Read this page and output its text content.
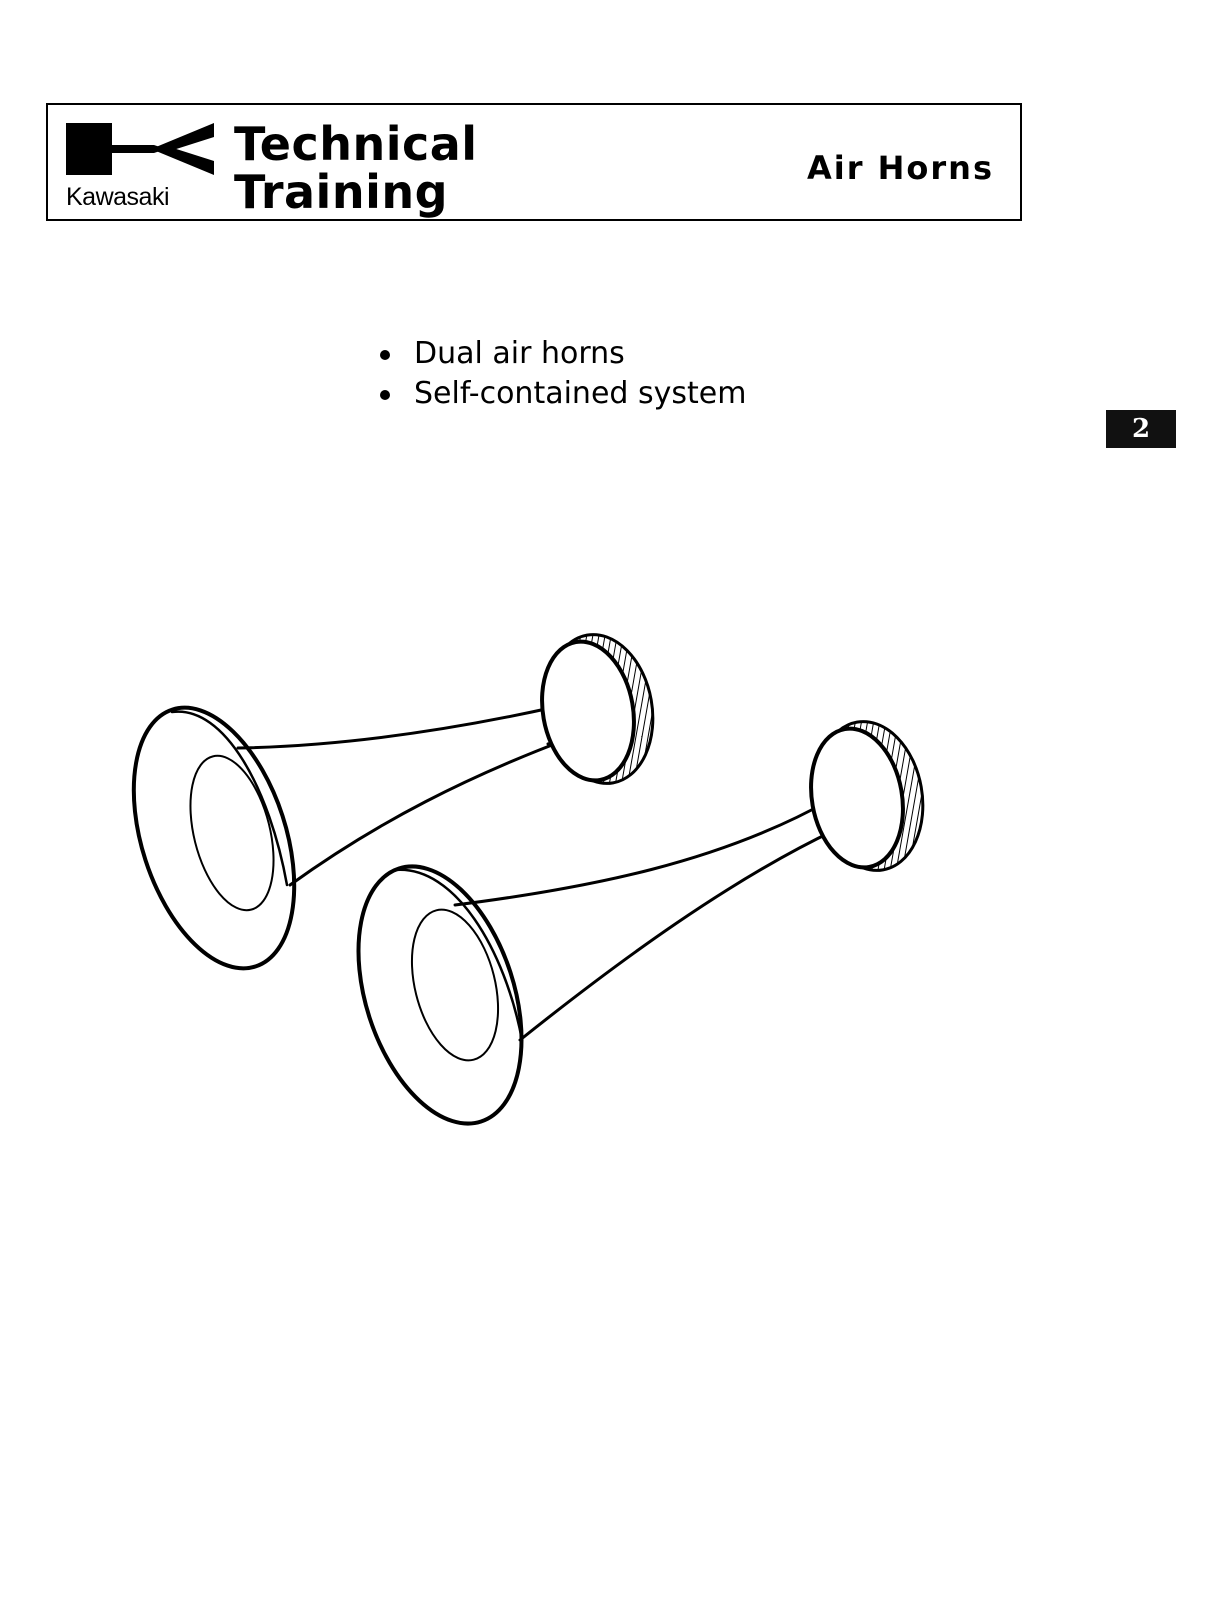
Kawasaki
Technical
Training	Air Horns
Dual air horns
Self-contained system
2
